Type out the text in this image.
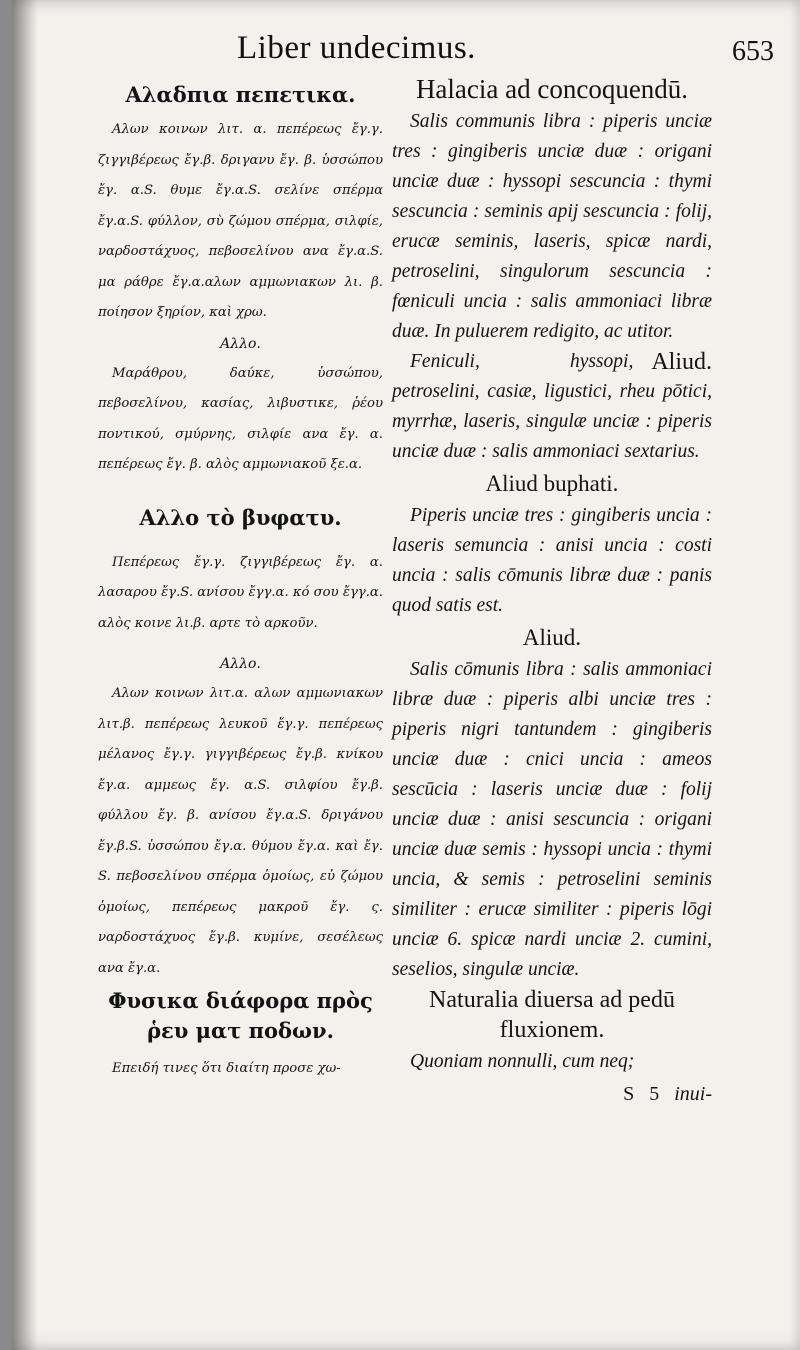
Liber undecimus.	653
Αλαδπια πεπετικα.

Αλων κοινων λιτ. α. πεπέρεως ἔγ.γ. ζιγγιβέρεως ἔγ.β. δριγανυ ἔγ. β. ὑσσώπου ἔγ. α.S. θυμε ἔγ.α.S. σελίνε σπέρμα ἔγ.α.S. φύλλον, σὺ ζώμου σπέρμα, σιλφίε, ναρδοστάχυος, πεβοσελίνου ανα ἔγ.α.S. μα ράθρε ἔγ.α.αλων αμμωνιακων λι. β. ποίησον ξηρίον, καὶ χρω.

Αλλο.

Μαράθρου, δαύκε, ὑσσώπου, πεβοσελίνου, κασίας, λιβυστικε, ῥέου ποντικού, σμύρνης, σιλφίε ανα ἔγ. α. πεπέρεως ἔγ. β. αλὸς αμμωνιακοῦ ξε.α.

Αλλο τὸ βυφατυ.

Πεπέρεως ἔγ.γ. ζιγγιβέρεως ἔγ. α. λασαρου ἔγ.S. ανίσου ἔγγ.α. κό σου ἔγγ.α. αλὸς κοινε λι.β. αρτε τὸ αρκοῦν.

Αλλο.

Αλων κοινων λιτ.α. αλων αμμωνιακων λιτ.β. πεπέρεως λευκοῦ ἔγ.γ. πεπέρεως μέλανος ἔγ.γ. γιγγιβέρεως ἔγ.β. κνίκου ἔγ.α. αμμεως ἔγ. α.S. σιλφίου ἔγ.β. φύλλου ἔγ. β. ανίσου ἔγ.α.S. δριγάνου ἔγ.β.S. ὑσσώπου ἔγ.α. θύμου ἔγ.α. καὶ ἔγ. S. πεβοσελίνου σπέρμα ὁμοίως, εὐ ζώμου ὁμοίως, πεπέρεως μακροῦ ἔγ. ς. ναρδοστάχυος ἔγ.β. κυμίνε, σεσέλεως ανα ἔγ.α.

Φυσικα διάφορα πρὸς ῥευ ματ ποδων.

Επειδή τινες ὅτι διαίτη προσε χω-

Halacia ad concoquendū.

Salis communis libra : piperis unciæ tres : gingiberis unciæ duæ : origani unciæ duæ : hyssopi sescuncia : thymi sescuncia : seminis apij sescuncia : folij, erucæ seminis, laseris, spicæ nardi, petroselini, singulorum sescuncia : fœniculi uncia : salis ammoniaci libræ duæ. In puluerem redigito, ac utitor.
Aliud.

Feniculi, hyssopi, petroselini, casiæ, ligustici, rheu pōtici, myrrhæ, laseris, singulæ unciæ : piperis unciæ duæ : salis ammoniaci sextarius.

Aliud buphati.

Piperis unciæ tres : gingiberis uncia : laseris semuncia : anisi uncia : costi uncia : salis cōmunis libræ duæ : panis quod satis est.

Aliud.

Salis cōmunis libra : salis ammoniaci libræ duæ : piperis albi unciæ tres : piperis nigri tantundem : gingiberis unciæ duæ : cnici uncia : ameos sescūcia : laseris unciæ duæ : folij unciæ duæ : anisi sescuncia : origani unciæ duæ semis : hyssopi uncia : thymi uncia, & semis : petroselini seminis similiter : erucæ similiter : piperis lōgi unciæ 6. spicæ nardi unciæ 2. cumini, seselios, singulæ unciæ.

Naturalia diuersa ad pedū fluxionem.

Quoniam nonnulli, cum neq;

S 5 inui-
